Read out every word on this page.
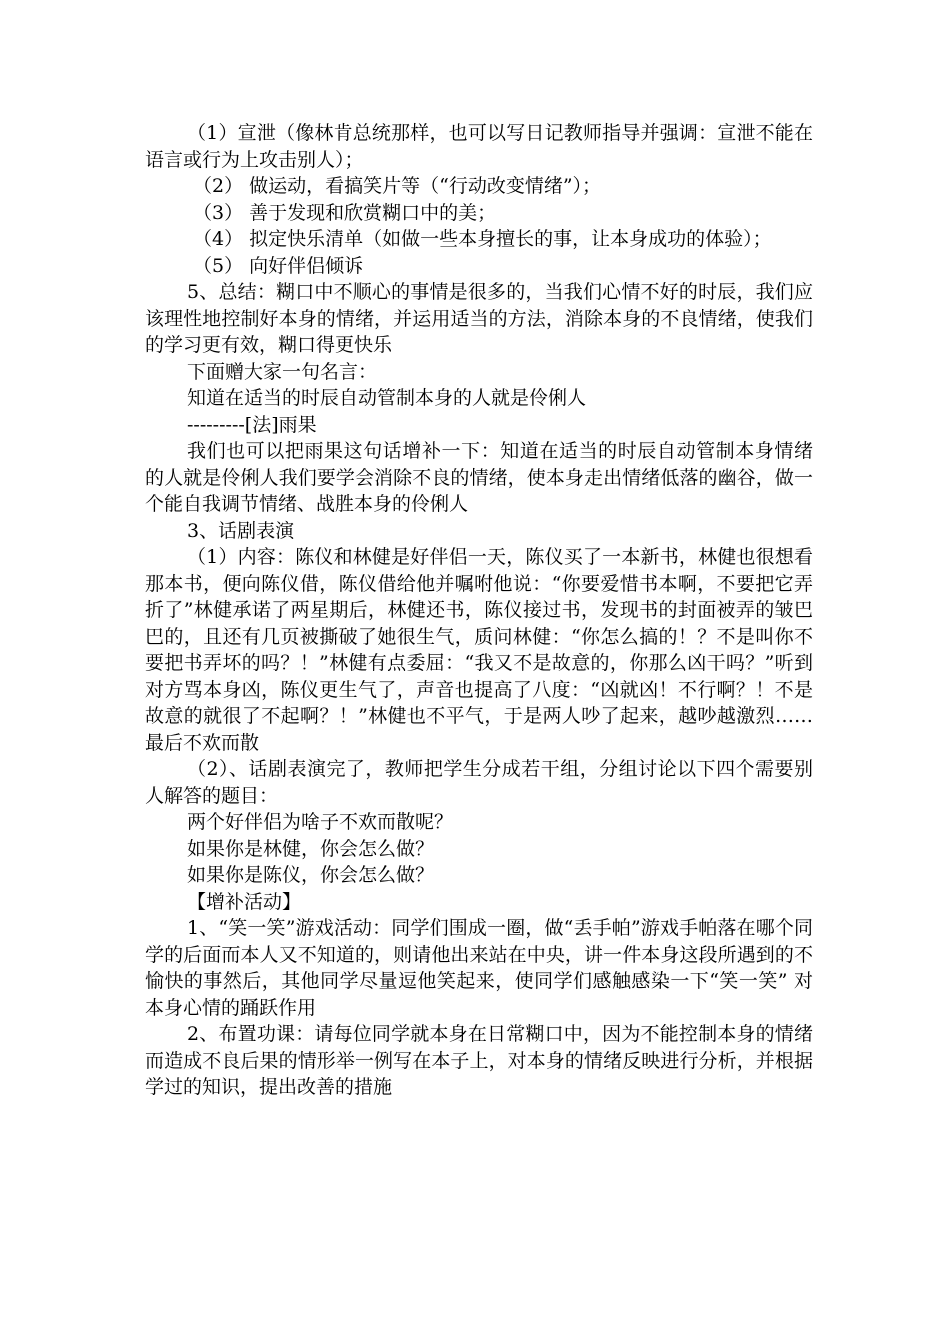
（1）宣泄（像林肯总统那样，也可以写日记教师指导并强调：宣泄不能在语言或行为上攻击别人）；

（2） 做运动，看搞笑片等（“行动改变情绪”）；

（3） 善于发现和欣赏糊口中的美；

（4） 拟定快乐清单（如做一些本身擅长的事，让本身成功的体验）；

（5） 向好伴侣倾诉

5、总结：糊口中不顺心的事情是很多的，当我们心情不好的时辰，我们应该理性地控制好本身的情绪，并运用适当的方法，消除本身的不良情绪，使我们的学习更有效，糊口得更快乐

下面赠大家一句名言：

知道在适当的时辰自动管制本身的人就是伶俐人

---------[法]雨果

我们也可以把雨果这句话增补一下：知道在适当的时辰自动管制本身情绪的人就是伶俐人我们要学会消除不良的情绪，使本身走出情绪低落的幽谷，做一个能自我调节情绪、战胜本身的伶俐人

3、话剧表演

（1）内容：陈仪和林健是好伴侣一天，陈仪买了一本新书，林健也很想看那本书，便向陈仪借，陈仪借给他并嘱咐他说：“你要爱惜书本啊，不要把它弄折了”林健承诺了两星期后，林健还书，陈仪接过书，发现书的封面被弄的皱巴巴的，且还有几页被撕破了她很生气，质问林健：“你怎么搞的！？不是叫你不要把书弄坏的吗？！”林健有点委屈：“我又不是故意的，你那么凶干吗？”听到对方骂本身凶，陈仪更生气了，声音也提高了八度：“凶就凶！不行啊？！不是故意的就很了不起啊？！”林健也不平气，于是两人吵了起来，越吵越激烈……最后不欢而散

（2）、话剧表演完了，教师把学生分成若干组，分组讨论以下四个需要别人解答的题目：

两个好伴侣为啥子不欢而散呢？

如果你是林健，你会怎么做？

如果你是陈仪，你会怎么做？

【增补活动】

1、“笑一笑”游戏活动：同学们围成一圈，做“丢手帕”游戏手帕落在哪个同学的后面而本人又不知道的，则请他出来站在中央，讲一件本身这段所遇到的不愉快的事然后，其他同学尽量逗他笑起来，使同学们感触感染一下“笑一笑” 对本身心情的踊跃作用

2、布置功课：请每位同学就本身在日常糊口中，因为不能控制本身的情绪而造成不良后果的情形举一例写在本子上，对本身的情绪反映进行分析，并根据学过的知识，提出改善的措施
